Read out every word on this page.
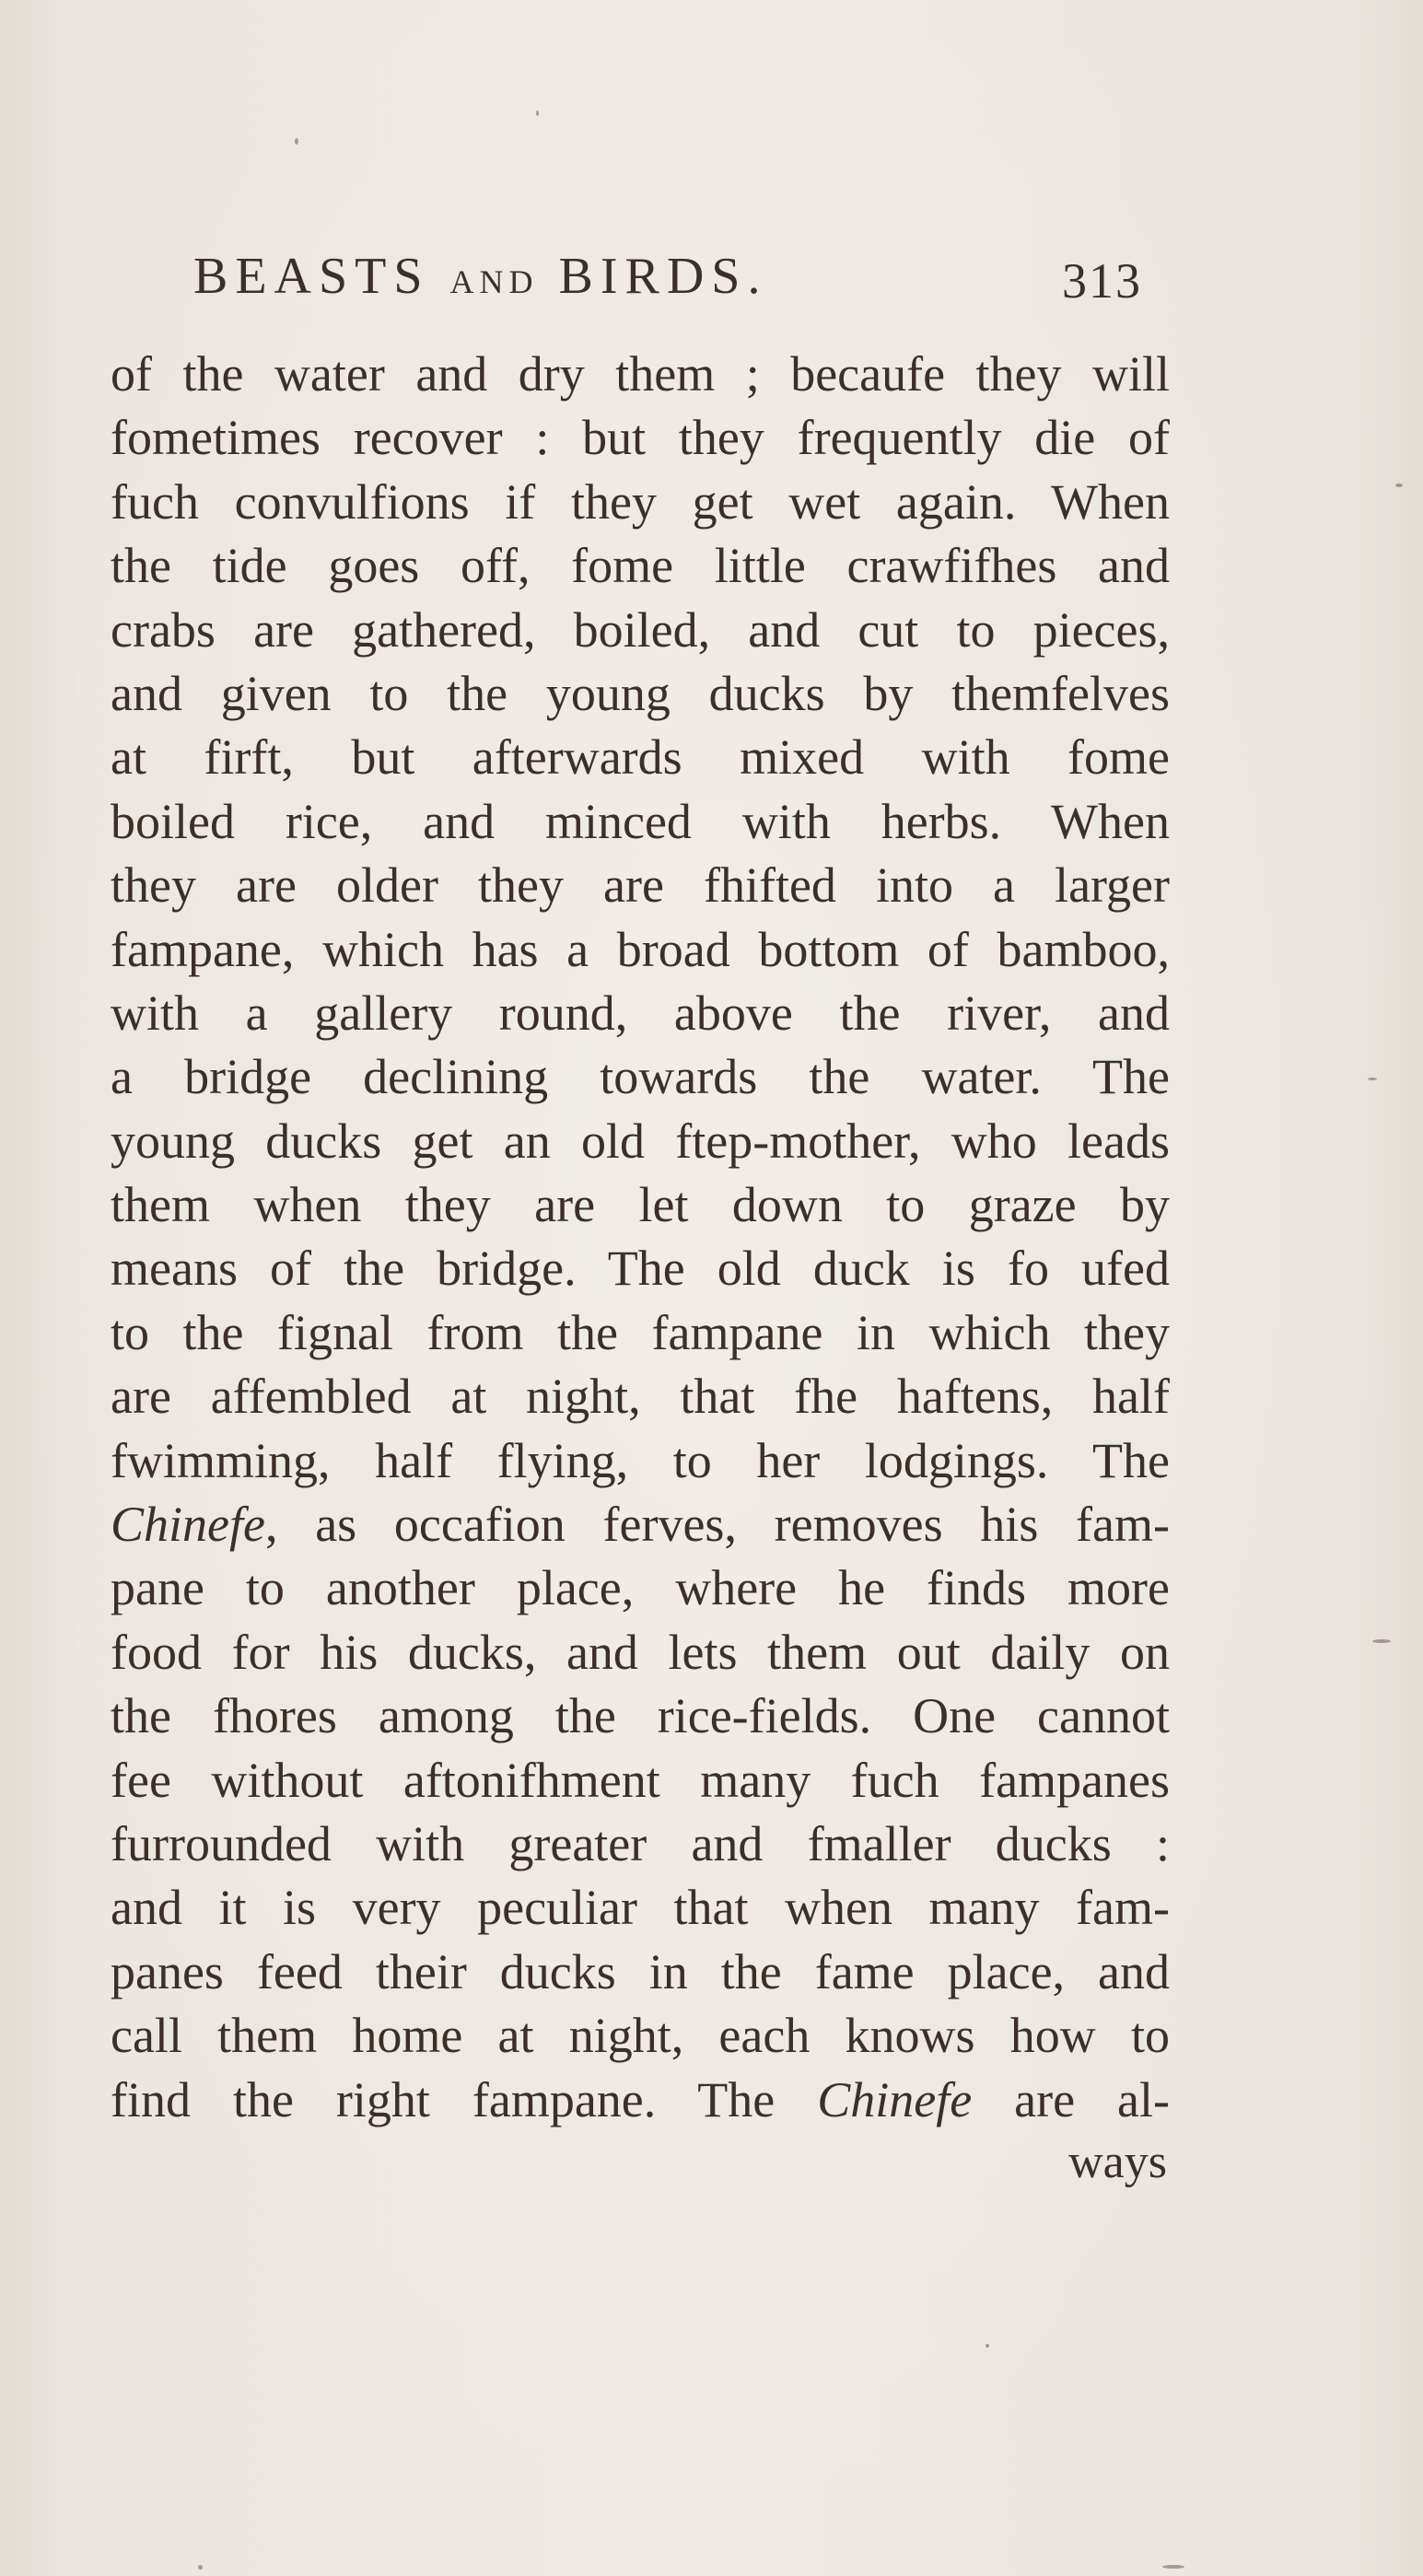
BEASTS AND BIRDS.	313
of the water and dry them ; becaufe they will
fometimes recover : but they frequently die of
fuch convulfions if they get wet again. When
the tide goes off, fome little crawfifhes and
crabs are gathered, boiled, and cut to pieces,
and given to the young ducks by themfelves
at firft, but afterwards mixed with fome
boiled rice, and minced with herbs. When
they are older they are fhifted into a larger
fampane, which has a broad bottom of bamboo,
with a gallery round, above the river, and
a bridge declining towards the water. The
young ducks get an old ftep-mother, who leads
them when they are let down to graze by
means of the bridge. The old duck is fo ufed
to the fignal from the fampane in which they
are affembled at night, that fhe haftens, half
fwimming, half flying, to her lodgings. The
Chinefe, as occafion ferves, removes his fam-
pane to another place, where he finds more
food for his ducks, and lets them out daily on
the fhores among the rice-fields. One cannot
fee without aftonifhment many fuch fampanes
furrounded with greater and fmaller ducks :
and it is very peculiar that when many fam-
panes feed their ducks in the fame place, and
call them home at night, each knows how to
find the right fampane. The Chinefe are al-
ways
